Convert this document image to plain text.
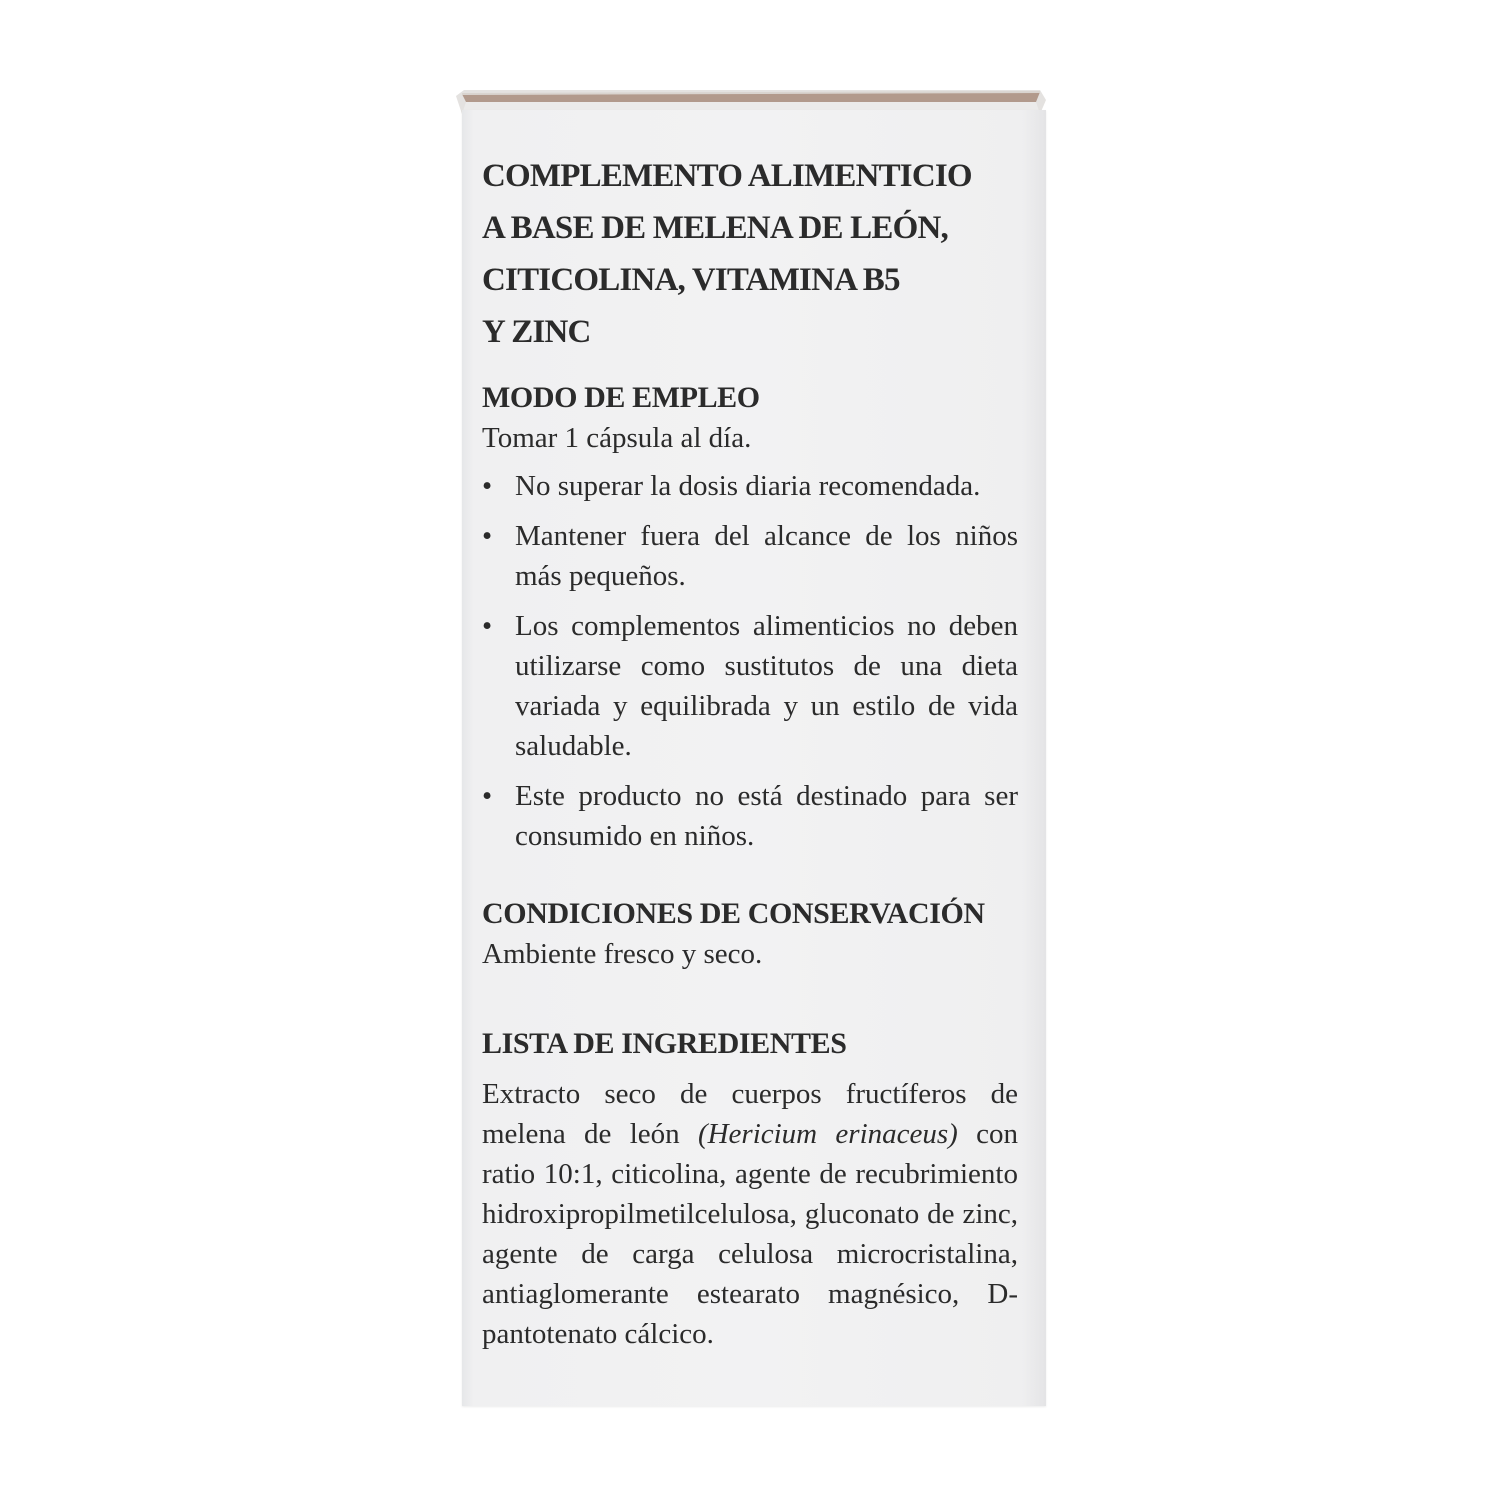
COMPLEMENTO ALIMENTICIO
A BASE DE MELENA DE LEÓN,
CITICOLINA, VITAMINA B5
Y ZINC
MODO DE EMPLEO

Tomar 1 cápsula al día.

• No superar la dosis diaria recomendada.
• Mantener fuera del alcance de los niños más pequeños.
• Los complementos alimenticios no deben utilizarse como sustitutos de una dieta variada y equilibrada y un estilo de vida saludable.
• Este producto no está destinado para ser consumido en niños.
CONDICIONES DE CONSERVACIÓN

Ambiente fresco y seco.

LISTA DE INGREDIENTES

Extracto seco de cuerpos fructíferos de melena de león (Hericium erinaceus) con ratio 10:1, citicolina, agente de recubrimiento hidroxipropilmetilcelulosa, gluconato de zinc, agente de carga celulosa microcristalina, antiaglomerante estearato magnésico, D-pantotenato cálcico.
